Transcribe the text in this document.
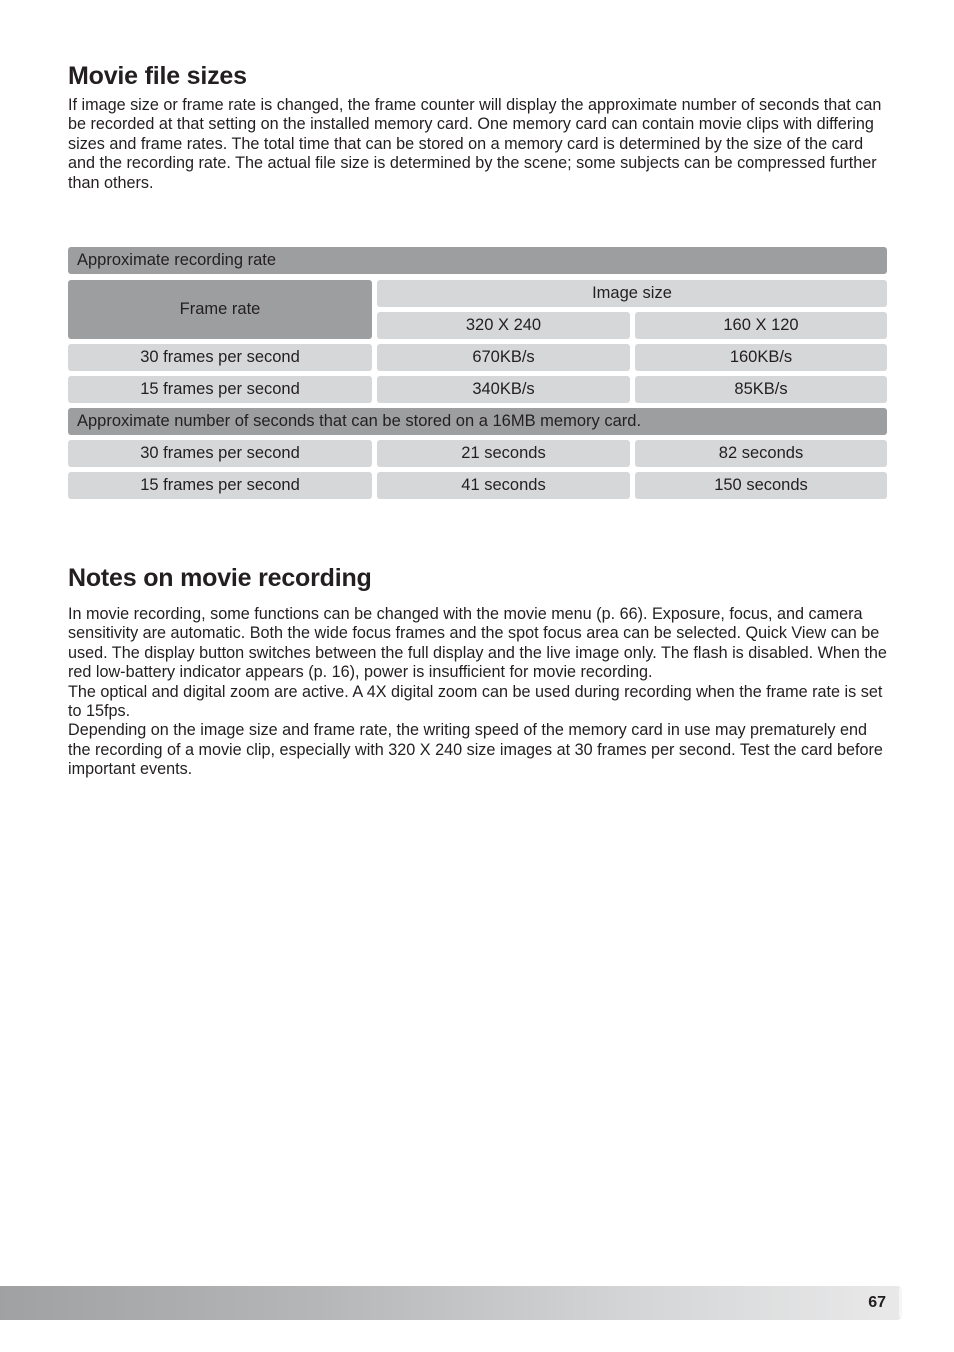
Movie file sizes

If image size or frame rate is changed, the frame counter will display the approximate number of seconds that can be recorded at that setting on the installed memory card. One memory card can contain movie clips with differing sizes and frame rates. The total time that can be stored on a memory card is determined by the size of the card and the recording rate. The actual file size is determined by the scene; some subjects can be compressed further than others.

Approximate recording rate
Frame rate
Image size
320 X 240	160 X 120
30 frames per second	670KB/s	160KB/s
15 frames per second	340KB/s	85KB/s
Approximate number of seconds that can be stored on a 16MB memory card.
30 frames per second	21 seconds	82 seconds
15 frames per second	41 seconds	150 seconds
Notes on movie recording

In movie recording, some functions can be changed with the movie menu (p. 66). Exposure, focus, and camera sensitivity are automatic. Both the wide focus frames and the spot focus area can be selected. Quick View can be used. The display button switches between the full display and the live image only. The flash is disabled. When the red low-battery indicator appears (p. 16), power is insufficient for movie recording.

The optical and digital zoom are active. A 4X digital zoom can be used during recording when the frame rate is set to 15fps.

Depending on the image size and frame rate, the writing speed of the memory card in use may prematurely end the recording of a movie clip, especially with 320 X 240 size images at 30 frames per second. Test the card before important events.

67
